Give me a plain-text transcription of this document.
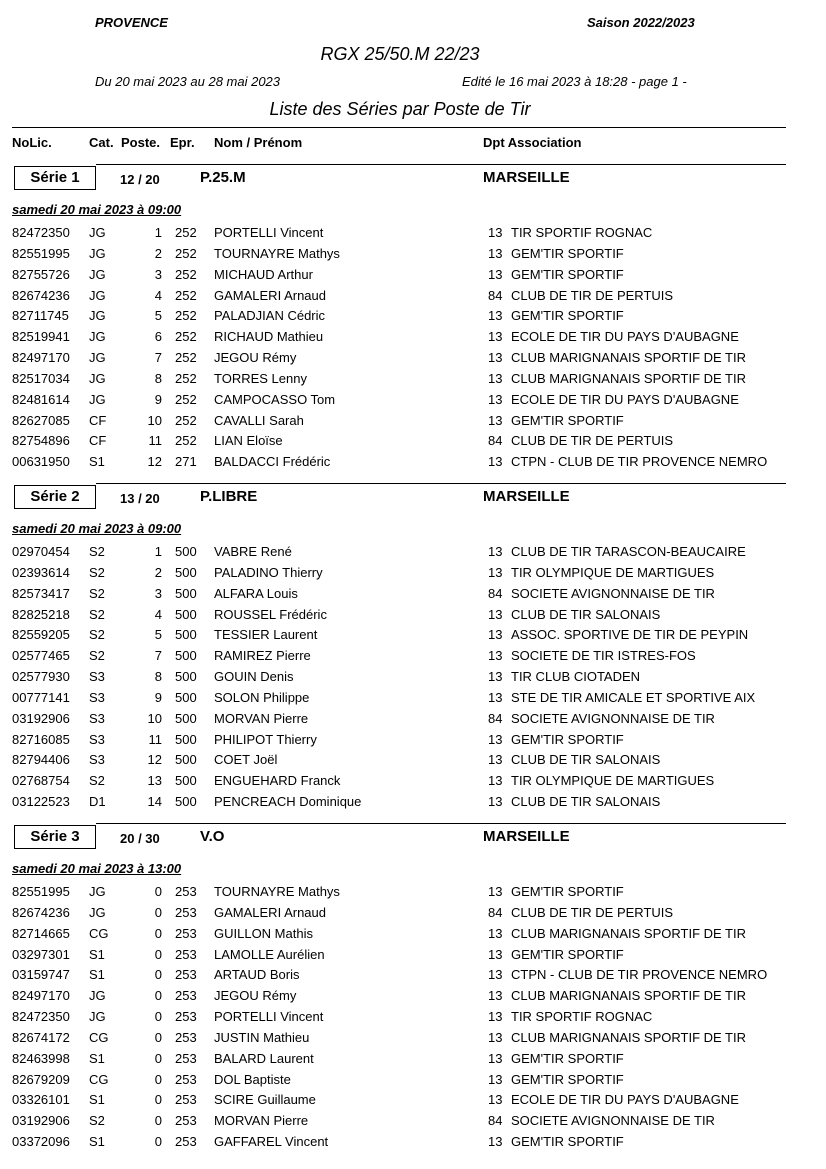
PROVENCE	Saison 2022/2023
RGX 25/50.M 22/23
Du 20 mai 2023 au 28 mai 2023	Edité le 16 mai 2023 à 18:28 - page 1 -
Liste des Séries par Poste de Tir
NoLic.	Cat. Poste. Epr. Nom / Prénom	Dpt Association
Série 1	12 / 20	P.25.M	MARSEILLE
samedi 20 mai 2023 à 09:00
82472350 JG	1 252 PORTELLI Vincent	13 TIR SPORTIF ROGNAC
82551995 JG	2 252 TOURNAYRE Mathys	13 GEM'TIR SPORTIF
82755726 JG	3 252 MICHAUD Arthur	13 GEM'TIR SPORTIF
82674236 JG	4 252 GAMALERI Arnaud	84 CLUB DE TIR DE PERTUIS
82711745 JG	5 252 PALADJIAN Cédric	13 GEM'TIR SPORTIF
82519941 JG	6 252 RICHAUD Mathieu	13 ECOLE DE TIR DU PAYS D'AUBAGNE
82497170 JG	7 252 JEGOU Rémy	13 CLUB MARIGNANAIS SPORTIF DE TIR
82517034 JG	8 252 TORRES Lenny	13 CLUB MARIGNANAIS SPORTIF DE TIR
82481614 JG	9 252 CAMPOCASSO Tom	13 ECOLE DE TIR DU PAYS D'AUBAGNE
82627085 CF	10 252 CAVALLI Sarah	13 GEM'TIR SPORTIF
82754896 CF	11 252 LIAN Eloïse	84 CLUB DE TIR DE PERTUIS
00631950 S1	12 271 BALDACCI Frédéric	13 CTPN - CLUB DE TIR PROVENCE NEMRO
Série 2	13 / 20	P.LIBRE	MARSEILLE
samedi 20 mai 2023 à 09:00
02970454 S2	1 500 VABRE René	13 CLUB DE TIR TARASCON-BEAUCAIRE
02393614 S2	2 500 PALADINO Thierry	13 TIR OLYMPIQUE DE MARTIGUES
82573417 S2	3 500 ALFARA Louis	84 SOCIETE AVIGNONNAISE DE TIR
82825218 S2	4 500 ROUSSEL Frédéric	13 CLUB DE TIR SALONAIS
82559205 S2	5 500 TESSIER Laurent	13 ASSOC. SPORTIVE DE TIR DE PEYPIN
02577465 S2	7 500 RAMIREZ Pierre	13 SOCIETE DE TIR ISTRES-FOS
02577930 S3	8 500 GOUIN Denis	13 TIR CLUB CIOTADEN
00777141 S3	9 500 SOLON Philippe	13 STE DE TIR AMICALE ET SPORTIVE AIX
03192906 S3	10 500 MORVAN Pierre	84 SOCIETE AVIGNONNAISE DE TIR
82716085 S3	11 500 PHILIPOT Thierry	13 GEM'TIR SPORTIF
82794406 S3	12 500 COET Joël	13 CLUB DE TIR SALONAIS
02768754 S2	13 500 ENGUEHARD Franck	13 TIR OLYMPIQUE DE MARTIGUES
03122523 D1	14 500 PENCREACH Dominique	13 CLUB DE TIR SALONAIS
Série 3	20 / 30	V.O	MARSEILLE
samedi 20 mai 2023 à 13:00
82551995 JG	0 253 TOURNAYRE Mathys	13 GEM'TIR SPORTIF
82674236 JG	0 253 GAMALERI Arnaud	84 CLUB DE TIR DE PERTUIS
82714665 CG	0 253 GUILLON Mathis	13 CLUB MARIGNANAIS SPORTIF DE TIR
03297301 S1	0 253 LAMOLLE Aurélien	13 GEM'TIR SPORTIF
03159747 S1	0 253 ARTAUD Boris	13 CTPN - CLUB DE TIR PROVENCE NEMRO
82497170 JG	0 253 JEGOU Rémy	13 CLUB MARIGNANAIS SPORTIF DE TIR
82472350 JG	0 253 PORTELLI Vincent	13 TIR SPORTIF ROGNAC
82674172 CG	0 253 JUSTIN Mathieu	13 CLUB MARIGNANAIS SPORTIF DE TIR
82463998 S1	0 253 BALARD Laurent	13 GEM'TIR SPORTIF
82679209 CG	0 253 DOL Baptiste	13 GEM'TIR SPORTIF
03326101 S1	0 253 SCIRE Guillaume	13 ECOLE DE TIR DU PAYS D'AUBAGNE
03192906 S2	0 253 MORVAN Pierre	84 SOCIETE AVIGNONNAISE DE TIR
03372096 S1	0 253 GAFFAREL Vincent	13 GEM'TIR SPORTIF
